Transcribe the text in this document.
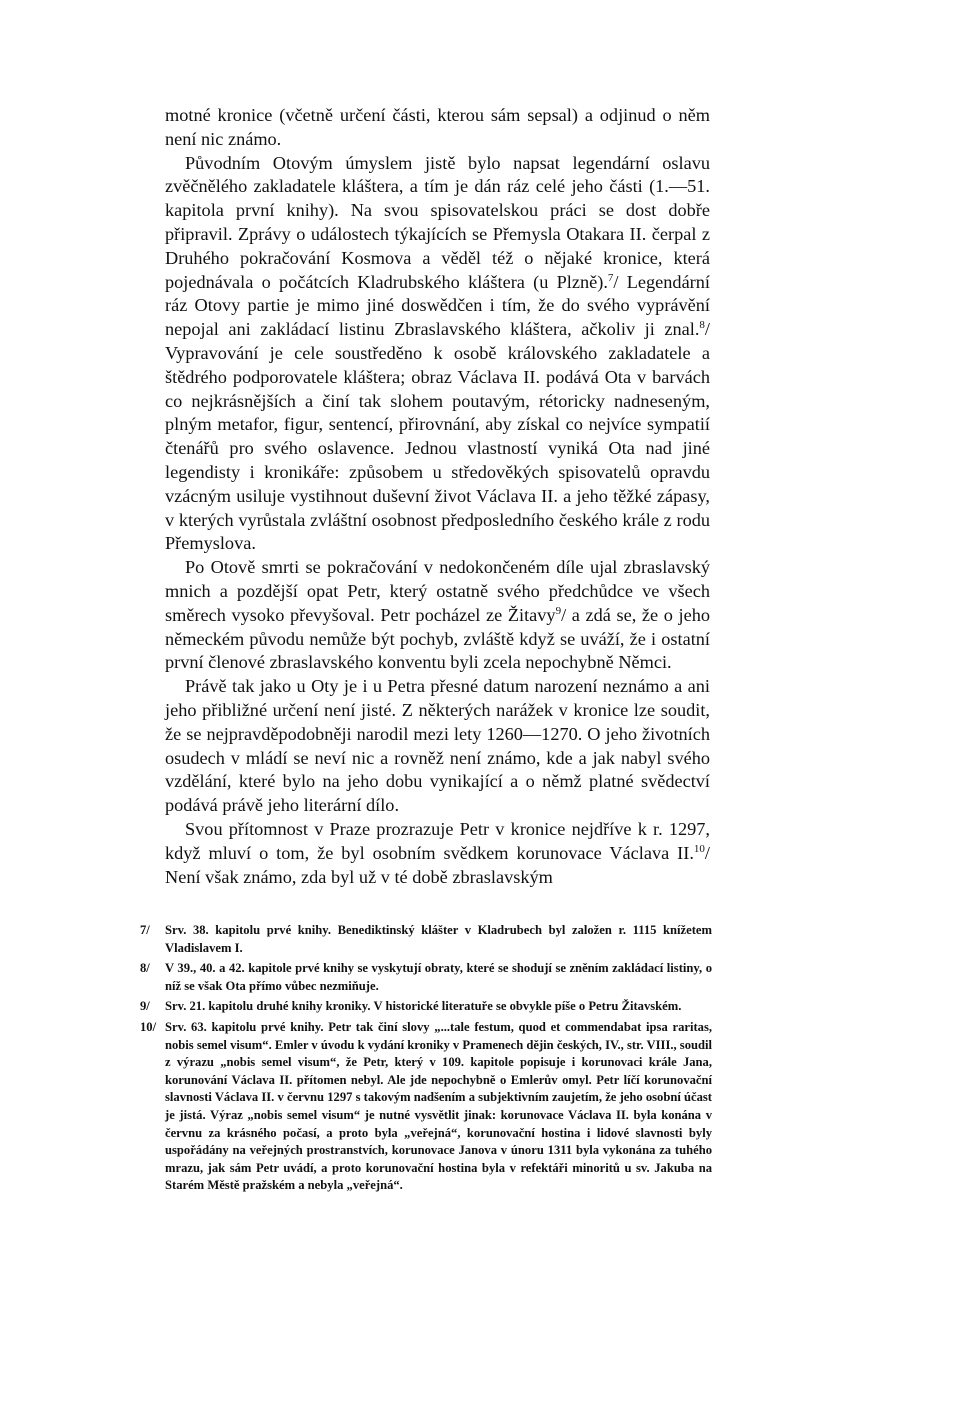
motné kronice (včetně určení části, kterou sám sepsal) a odjinud o něm není nic známo.

Původním Otovým úmyslem jistě bylo napsat legendární oslavu zvěčnělého zakladatele kláštera, a tím je dán ráz celé jeho části (1.—51. kapitola první knihy). Na svou spisovatelskou práci se dost dobře připravil. Zprávy o událostech týkajících se Přemysla Otakara II. čerpal z Druhého pokračování Kosmova a věděl též o nějaké kronice, která pojednávala o počátcích Kladrubského kláštera (u Plzně).$^7$/ Legendární ráz Otovy partie je mimo jiné doswědčen i tím, že do svého vyprávění nepojal ani zakládací listinu Zbraslavského kláštera, ačkoliv ji znal.$^8$/ Vypravování je cele soustředěno k osobě královského zakladatele a štědrého podporovatele kláštera; obraz Václava II. podává Ota v barvách co nejkrásnějších a činí tak slohem poutavým, rétoricky nadneseným, plným metafor, figur, sentencí, přirovnání, aby získal co nejvíce sympatií čtenářů pro svého oslavence. Jednou vlastností vyniká Ota nad jiné legendisty i kronikáře: způsobem u středověkých spisovatelů opravdu vzácným usiluje vystihnout duševní život Václava II. a jeho těžké zápasy, v kterých vyrůstala zvláštní osobnost předposledního českého krále z rodu Přemyslova.

Po Otově smrti se pokračování v nedokončeném díle ujal zbraslavský mnich a pozdější opat Petr, který ostatně svého předchůdce ve všech směrech vysoko převyšoval. Petr pocházel ze Žitavy$^9$/ a zdá se, že o jeho německém původu nemůže být pochyb, zvláště když se uváží, že i ostatní první členové zbraslavského konventu byli zcela nepochybně Němci.

Právě tak jako u Oty je i u Petra přesné datum narození neznámo a ani jeho přibližné určení není jisté. Z některých narážek v kronice lze soudit, že se nejpravděpodobněji narodil mezi lety 1260—1270. O jeho životních osudech v mládí se neví nic a rovněž není známo, kde a jak nabyl svého vzdělání, které bylo na jeho dobu vynikající a o němž platné svědectví podává právě jeho literární dílo.

Svou přítomnost v Praze prozrazuje Petr v kronice nejdříve k r. 1297, když mluví o tom, že byl osobním svědkem korunovace Václava II.$^{10}$/ Není však známo, zda byl už v té době zbraslavským

7/ Srv. 38. kapitolu prvé knihy. Benediktinský klášter v Kladrubech byl založen r. 1115 knížetem Vladislavem I.
8/ V 39., 40. a 42. kapitole prvé knihy se vyskytují obraty, které se shodují se zněním zakládací listiny, o níž se však Ota přímo vůbec nezmiňuje.
9/ Srv. 21. kapitolu druhé knihy kroniky. V historické literatuře se obvykle píše o Petru Žitavském.
10/ Srv. 63. kapitolu prvé knihy. Petr tak činí slovy „...tale festum, quod et commendabat ipsa raritas, nobis semel visum“. Emler v úvodu k vydání kroniky v Pramenech dějin českých, IV., str. VIII., soudil z výrazu „nobis semel visum“, že Petr, který v 109. kapitole popisuje i korunovaci krále Jana, korunování Václava II. přítomen nebyl. Ale jde nepochybně o Emlerův omyl. Petr líčí korunovační slavnosti Václava II. v červnu 1297 s takovým nadšením a subjektivním zaujetím, že jeho osobní účast je jistá. Výraz „nobis semel visum“ je nutné vysvětlit jinak: korunovace Václava II. byla konána v červnu za krásného počasí, a proto byla „veřejná“, korunovační hostina i lidové slavnosti byly uspořádány na veřejných prostranstvích, korunovace Janova v únoru 1311 byla vykonána za tuhého mrazu, jak sám Petr uvádí, a proto korunovační hostina byla v refektáři minoritů u sv. Jakuba na Starém Městě pražském a nebyla „veřejná“.
